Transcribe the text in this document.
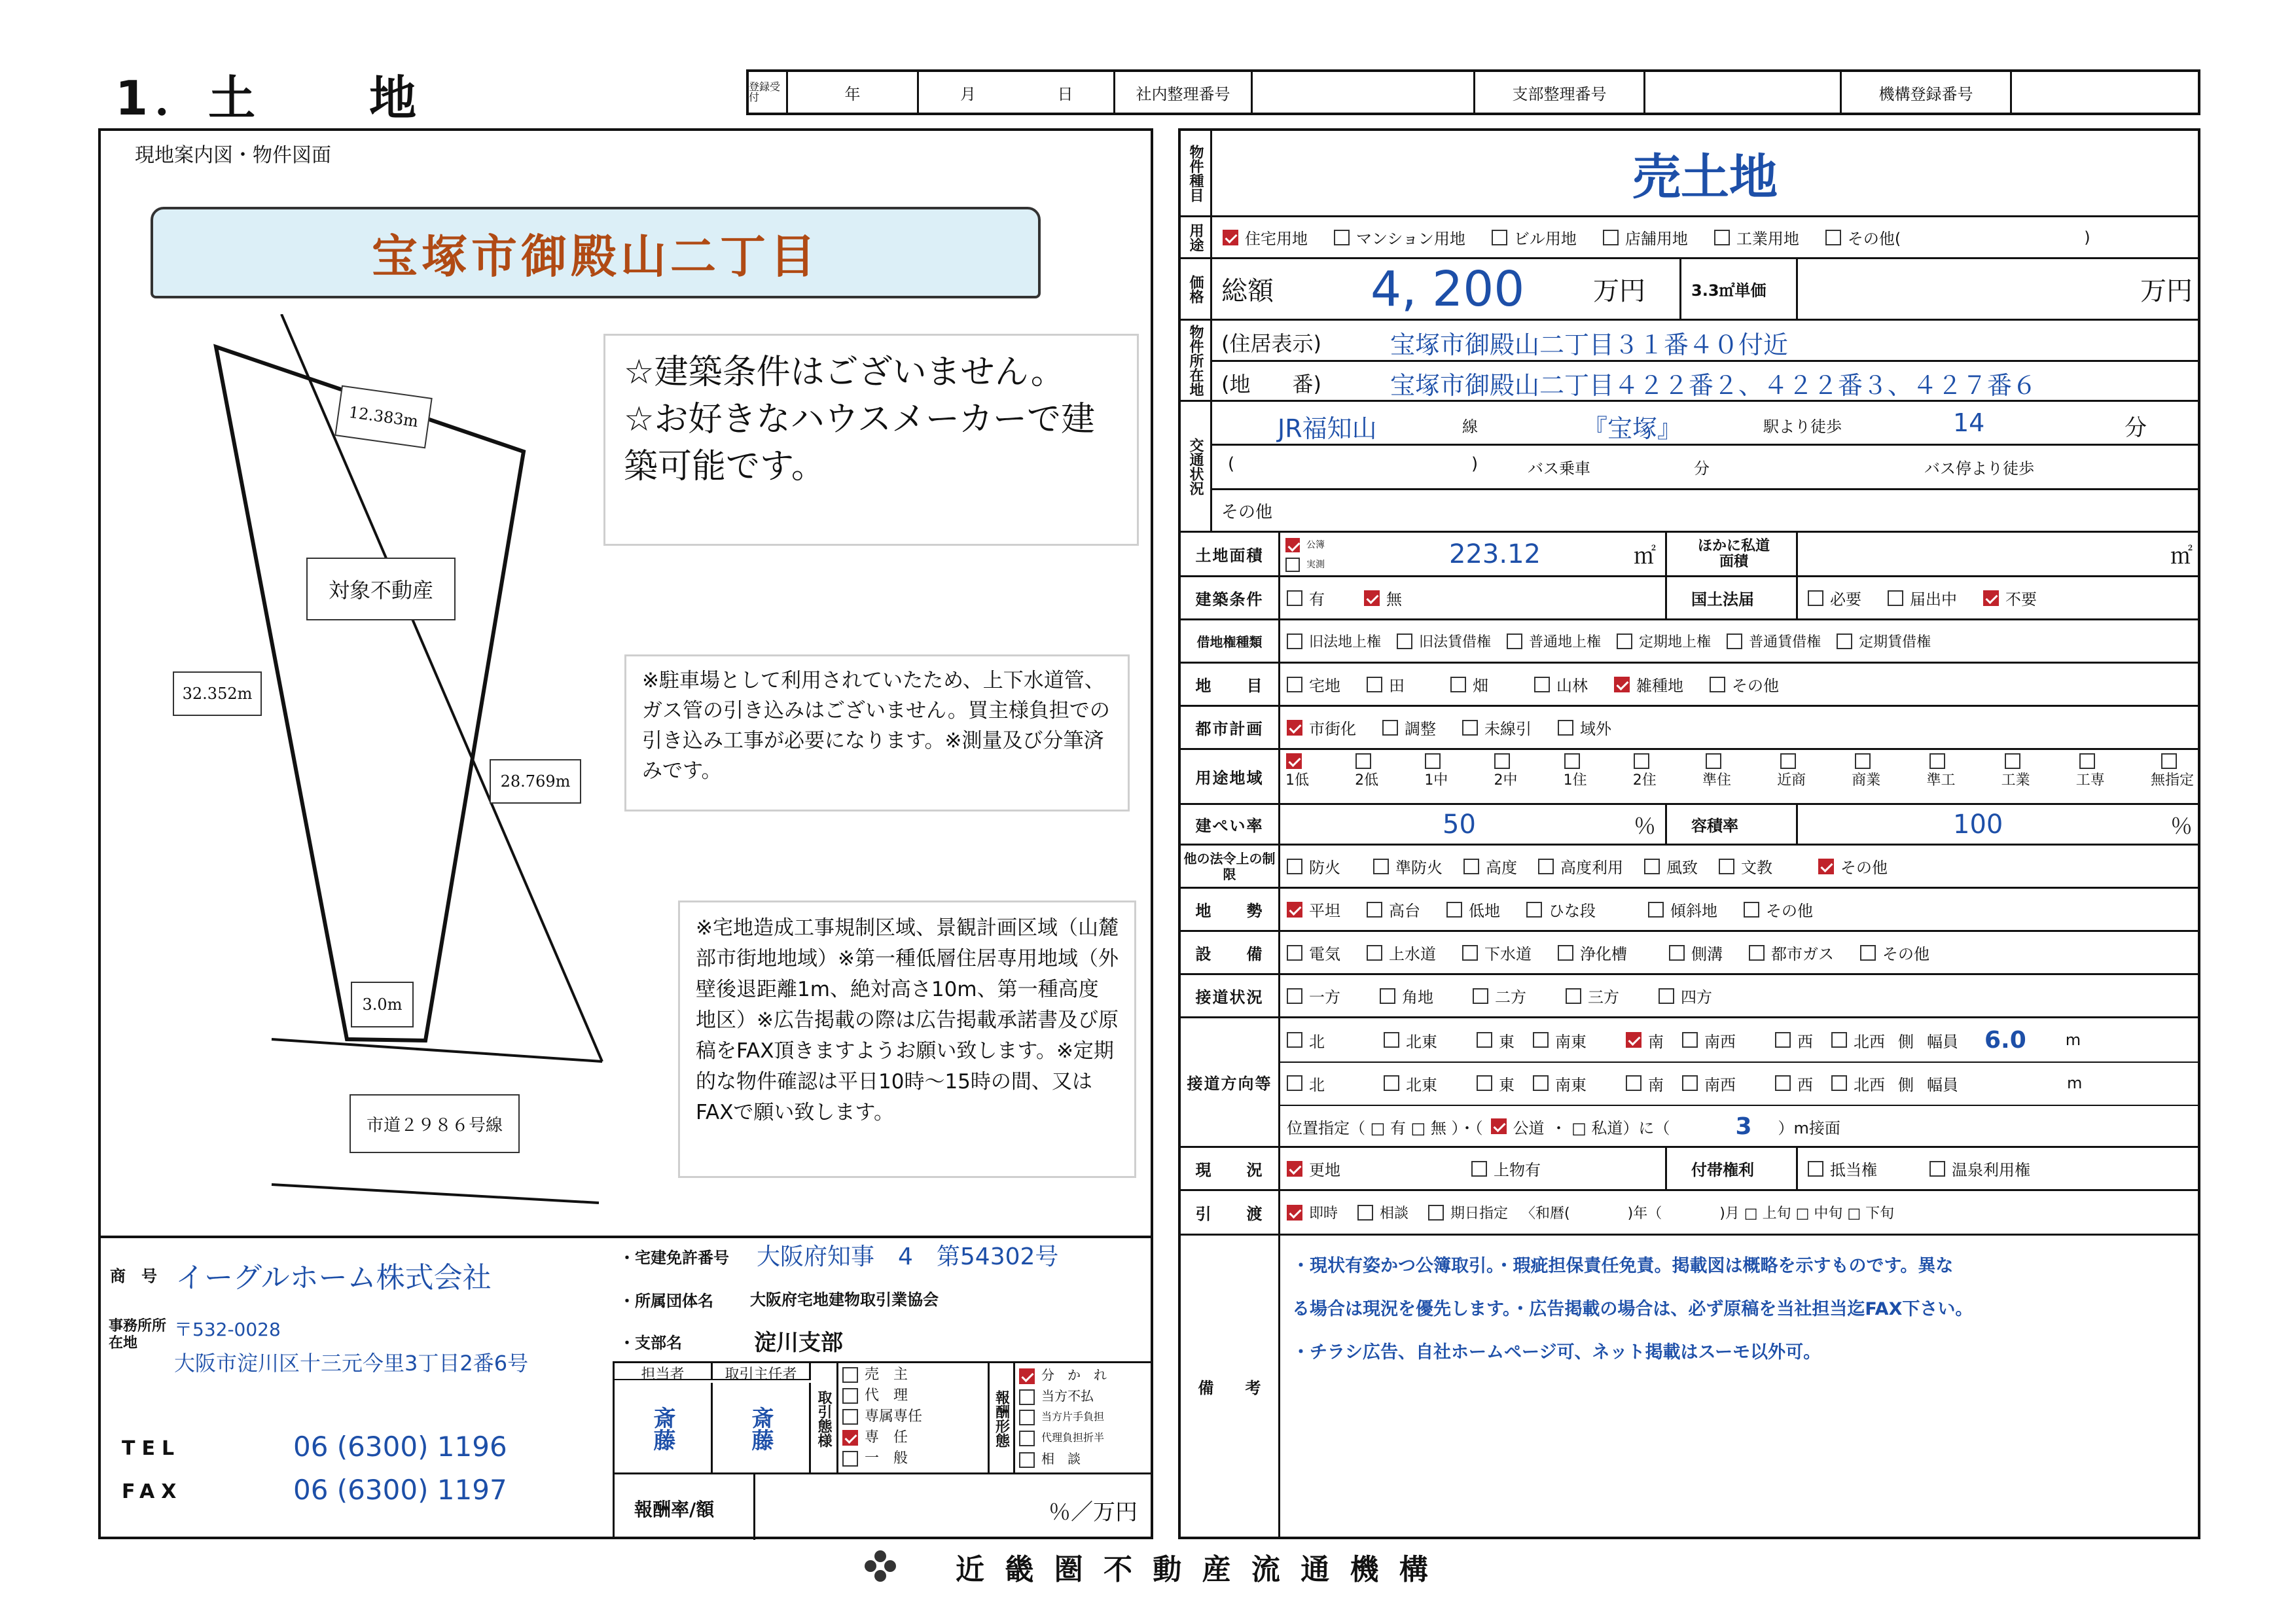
1．土　　地	登録受付	年	月	日	社内整理番号	支部整理番号	機構登録番号
現地案内図・物件図面
宝塚市御殿山二丁目
12.383m
32.352m
28.769m
3.0m
対象不動産
市道２９８６号線
☆建築条件はございません。
☆お好きなハウスメーカーで建築可能です。
※駐車場として利用されていたため、上下水道管、ガス管の引き込みはございません。買主様負担での引き込み工事が必要になります。※測量及び分筆済みです。
※宅地造成工事規制区域、景観計画区域（山麓部市街地地域）※第一種低層住居専用地域（外壁後退距離1m、絶対高さ10m、第一種高度地区）※広告掲載の際は広告掲載承諾書及び原稿をFAX頂きますようお願い致します。※定期的な物件確認は平日10時～15時の間、又はFAXで願い致します。
商　号 イーグルホーム株式会社
事務所所在地
〒532-0028
大阪市淀川区十三元今里3丁目2番6号
TEL	06 (6300) 1196
FAX	06 (6300) 1197
・宅建免許番号 大阪府知事　4　第54302号
・所属団体名 大阪府宅地建物取引業協会
・支部名	淀川支部
担当者	取引主任者
斎藤	斎藤	取引態様
売　主
代　理
専属専任
専　任
一　般
報酬形態
分　か　れ
当方不払
当方片手負担
代理負担折半
相　談
報酬率/額	％／万円
物件種目	売土地
用途	住宅用地	マンション用地	ビル用地	店舗用地	工業用地	その他(	)
価格 総額 4, 200	万円	3.3㎡単価	万円
物件所在地 (住居表示)	宝塚市御殿山二丁目３１番４０付近
(地　　番)	宝塚市御殿山二丁目４２２番２、４２２番３、４２７番６
交通状況
JR福知山	線	『宝塚』	駅より徒歩	14	分
(	)	バス乗車	分	バス停より徒歩
その他
土地面積
公簿
実測	223.12	㎡	ほかに私道面積	㎡
建築条件	有	無	国土法届	必要	届出中	不要
借地権種類	旧法地上権	旧法賃借権	普通地上権	定期地上権	普通賃借権	定期賃借権
地　　目	宅地	田	畑	山林	雑種地	その他
都市計画	市街化	調整	未線引	域外
用途地域	1低	2低	1中	2中	1住	2住	準住	近商	商業	準工	工業	工専	無指定
建ぺい率	50	％ 容積率	100	％
他の法令上の制限	防火	準防火	高度	高度利用	風致	文教	その他
地　　勢	平坦	高台	低地	ひな段	傾斜地	その他
設　　備	電気	上水道	下水道	浄化槽	側溝	都市ガス	その他
接道状況	一方	角地	二方	三方	四方
接道方向等
北	北東	東	南東	南	南西	西	北西 側 幅員 6.0	m
北	北東	東	南東	南	南西	西	北西 側 幅員	m
位置指定（ □ 有 □ 無 ）・（ 公道 ・ □ 私道）に（	3 ）m接面
現　　況	更地	上物有	付帯権利	抵当権	温泉利用権
引　　渡	即時	相談	期日指定 〈和暦(　　　　)年（　　　　)月 □ 上旬 □ 中旬 □ 下旬
備　　考
・現状有姿かつ公簿取引。・瑕疵担保責任免責。掲載図は概略を示すものです。異な
る場合は現況を優先します。・広告掲載の場合は、必ず原稿を当社担当迄FAX下さい。
・チラシ広告、自社ホームページ可、ネット掲載はスーモ以外可。
近 畿 圏 不 動 産 流 通 機 構
